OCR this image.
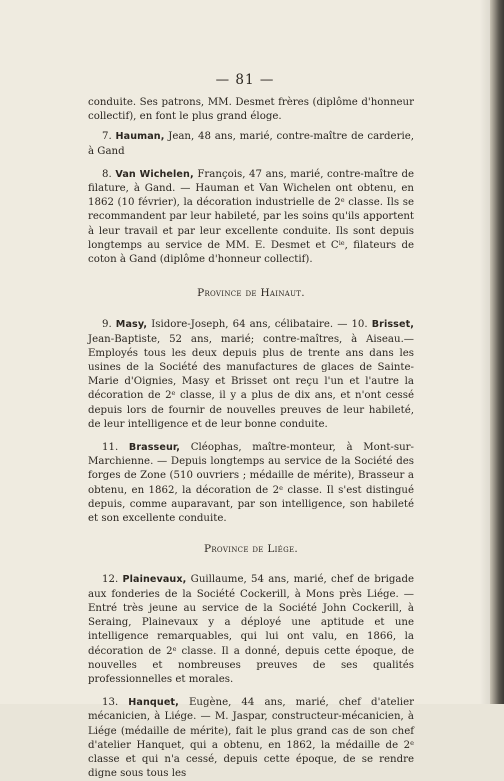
— 81 —

conduite. Ses patrons, MM. Desmet frères (diplôme d'honneur collectif), en font le plus grand éloge.

7. Hauman, Jean, 48 ans, marié, contre-maître de carderie, à Gand

8. Van Wichelen, François, 47 ans, marié, contre-maître de filature, à Gand. — Hauman et Van Wichelen ont obtenu, en 1862 (10 février), la décoration industrielle de 2e classe. Ils se recommandent par leur habileté, par les soins qu'ils apportent à leur travail et par leur excellente conduite. Ils sont depuis longtemps au service de MM. E. Desmet et $C^{ie}$, filateurs de coton à Gand (diplôme d'honneur collectif).

Province de Hainaut.

9. Masy, Isidore-Joseph, 64 ans, célibataire. — 10. Brisset, Jean-Baptiste, 52 ans, marié; contre-maîtres, à Aiseau.—Employés tous les deux depuis plus de trente ans dans les usines de la Société des manufactures de glaces de Sainte-Marie d'Oignies, Masy et Brisset ont reçu l'un et l'autre la décoration de 2e classe, il y a plus de dix ans, et n'ont cessé depuis lors de fournir de nouvelles preuves de leur habileté, de leur intelligence et de leur bonne conduite.

11. Brasseur, Cléophas, maître-monteur, à Mont-sur-Marchienne. — Depuis longtemps au service de la Société des forges de Zone (510 ouvriers ; médaille de mérite), Brasseur a obtenu, en 1862, la décoration de 2e classe. Il s'est distingué depuis, comme auparavant, par son intelligence, son habileté et son excellente conduite.

Province de Liége.

12. Plainevaux, Guillaume, 54 ans, marié, chef de brigade aux fonderies de la Société Cockerill, à Mons près Liége. — Entré très jeune au service de la Société John Cockerill, à Seraing, Plainevaux y a déployé une aptitude et une intelligence remarquables, qui lui ont valu, en 1866, la décoration de 2e classe. Il a donné, depuis cette époque, de nouvelles et nombreuses preuves de ses qualités professionnelles et morales.

13. Hanquet, Eugène, 44 ans, marié, chef d'atelier mécanicien, à Liége. — M. Jaspar, constructeur-mécanicien, à Liége (médaille de mérite), fait le plus grand cas de son chef d'atelier Hanquet, qui a obtenu, en 1862, la médaille de 2e classe et qui n'a cessé, depuis cette époque, de se rendre digne sous tous les
